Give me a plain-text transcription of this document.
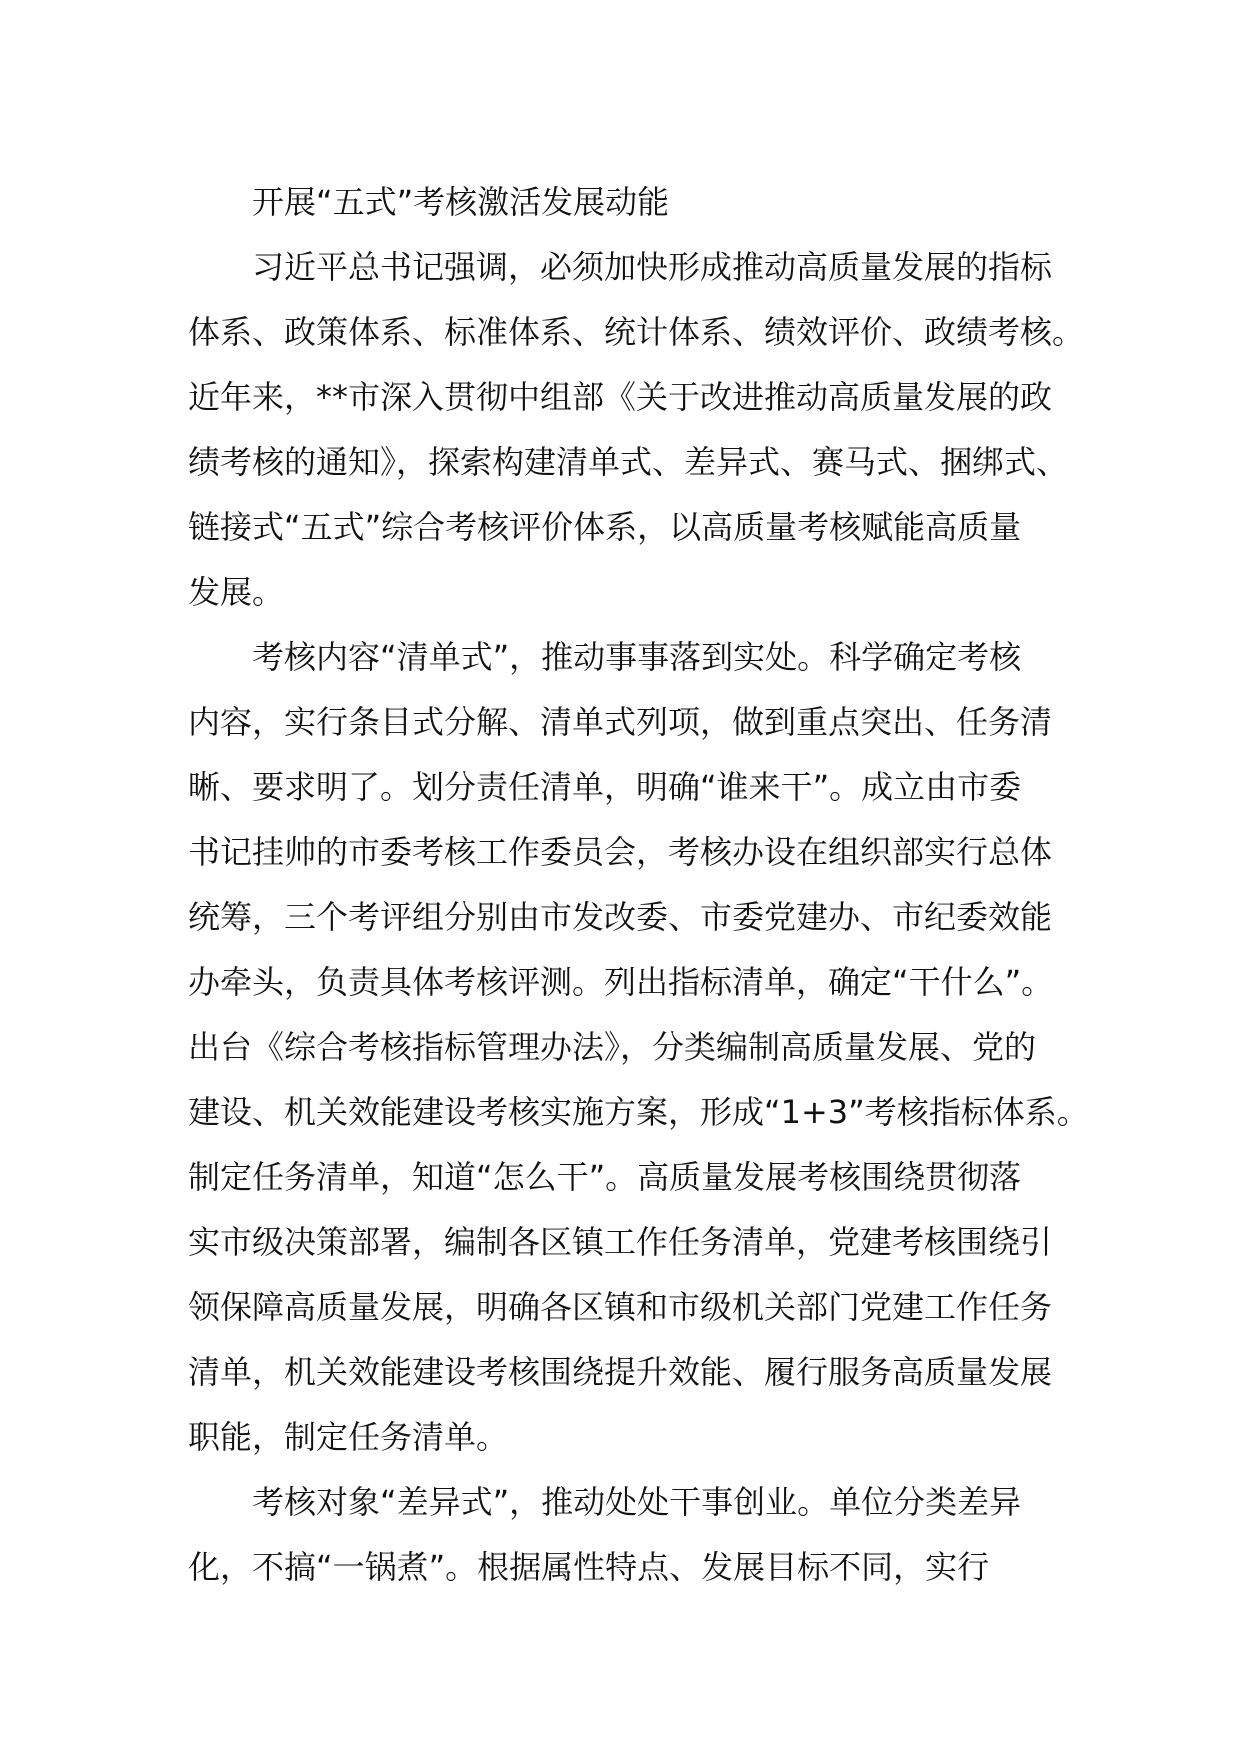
开展“五式”考核激活发展动能
习近平总书记强调，必须加快形成推动高质量发展的指标
体系、政策体系、标准体系、统计体系、绩效评价、政绩考核。
近年来，**市深入贯彻中组部《关于改进推动高质量发展的政
绩考核的通知》，探索构建清单式、差异式、赛马式、捆绑式、
链接式“五式”综合考核评价体系，以高质量考核赋能高质量
发展。
考核内容“清单式”，推动事事落到实处。科学确定考核
内容，实行条目式分解、清单式列项，做到重点突出、任务清
晰、要求明了。划分责任清单，明确“谁来干”。成立由市委
书记挂帅的市委考核工作委员会，考核办设在组织部实行总体
统筹，三个考评组分别由市发改委、市委党建办、市纪委效能
办牵头，负责具体考核评测。列出指标清单，确定“干什么”。
出台《综合考核指标管理办法》，分类编制高质量发展、党的
建设、机关效能建设考核实施方案，形成“1+3”考核指标体系。
制定任务清单，知道“怎么干”。高质量发展考核围绕贯彻落
实市级决策部署，编制各区镇工作任务清单，党建考核围绕引
领保障高质量发展，明确各区镇和市级机关部门党建工作任务
清单，机关效能建设考核围绕提升效能、履行服务高质量发展
职能，制定任务清单。
考核对象“差异式”，推动处处干事创业。单位分类差异
化，不搞“一锅煮”。根据属性特点、发展目标不同，实行
